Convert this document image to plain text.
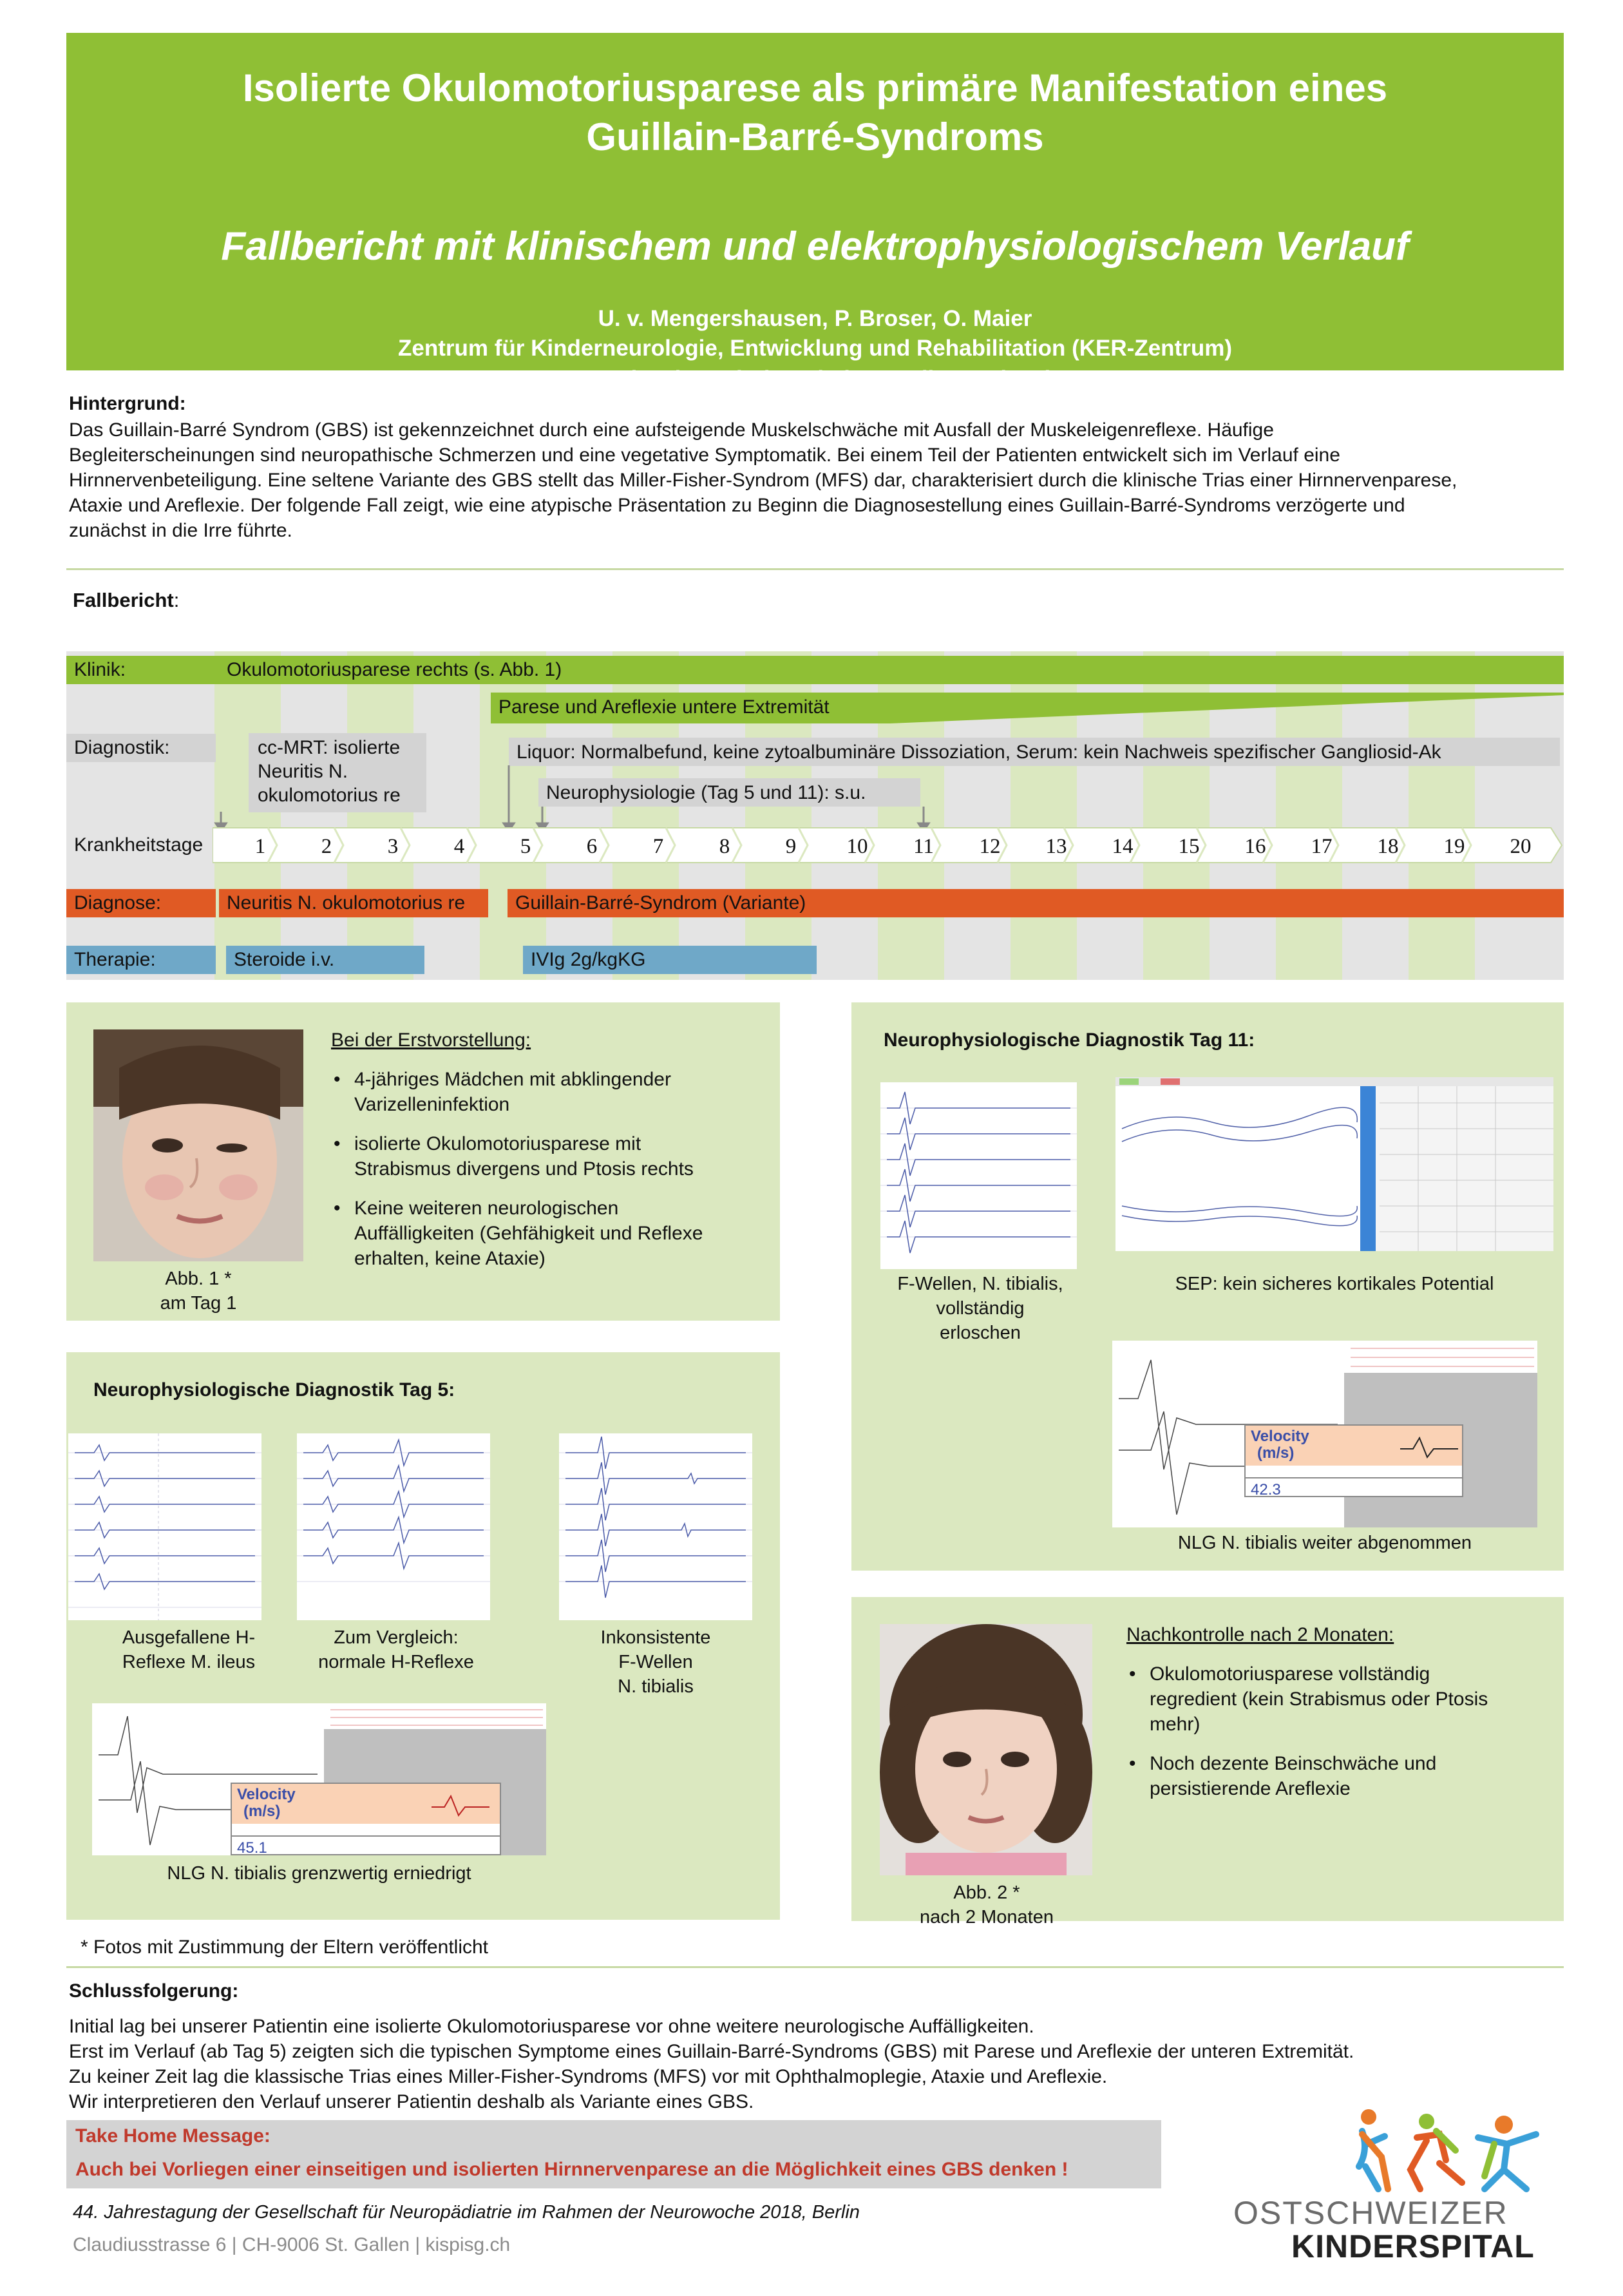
Isolierte Okulomotoriusparese als primäre Manifestation eines
Guillain-Barré-Syndroms
Fallbericht mit klinischem und elektrophysiologischem Verlauf
U. v. Mengershausen, P. Broser, O. Maier
Zentrum für Kinderneurologie, Entwicklung und Rehabilitation (KER-Zentrum)
Ostschweizer Kinderspital St. Gallen, Schweiz
Hintergrund:
Das Guillain-Barré Syndrom (GBS) ist gekennzeichnet durch eine aufsteigende Muskelschwäche mit Ausfall der Muskeleigenreflexe. Häufige
Begleiterscheinungen sind neuropathische Schmerzen und eine vegetative Symptomatik. Bei einem Teil der Patienten entwickelt sich im Verlauf eine
Hirnnervenbeteiligung. Eine seltene Variante des GBS stellt das Miller-Fisher-Syndrom (MFS) dar, charakterisiert durch die klinische Trias einer Hirnnervenparese,
Ataxie und Areflexie. Der folgende Fall zeigt, wie eine atypische Präsentation zu Beginn die Diagnosestellung eines Guillain-Barré-Syndroms verzögerte und
zunächst in die Irre führte.
Fallbericht:
Klinik:	Okulomotoriusparese rechts (s. Abb. 1)
Parese und Areflexie untere Extremität
Diagnostik:	cc-MRT: isolierte
Neuritis N.
okulomotorius re
Liquor: Normalbefund, keine zytoalbuminäre Dissoziation, Serum: kein Nachweis spezifischer Gangliosid-Ak
Neurophysiologie (Tag 5 und 11): s.u.
Krankheitstage	1	2	3	4	5	6	7	8	9	10	11	12	13	14	15	16	17	18	19	20
Diagnose:	Neuritis N. okulomotorius re	Guillain-Barré-Syndrom (Variante)
Therapie:	Steroide i.v.	IVIg 2g/kgKG
Abb. 1 *
am Tag 1
Bei der Erstvorstellung:
• 4-jähriges Mädchen mit abklingender
Varizelleninfektion
• isolierte Okulomotoriusparese mit
Strabismus divergens und Ptosis rechts
• Keine weiteren neurologischen
Auffälligkeiten (Gehfähigkeit und Reflexe
erhalten, keine Ataxie)
Neurophysiologische Diagnostik Tag 5:
Ausgefallene H-
Reflexe M. ileus
Zum Vergleich:
normale H-Reflexe
Inkonsistente
F-Wellen
N. tibialis
Velocity
(m/s)
45.1
NLG N. tibialis grenzwertig erniedrigt
Neurophysiologische Diagnostik Tag 11:
F-Wellen, N. tibialis,
vollständig
erloschen
SEP: kein sicheres kortikales Potential
Velocity
(m/s)
42.3
NLG N. tibialis weiter abgenommen
Abb. 2 *
nach 2 Monaten
Nachkontrolle nach 2 Monaten:
• Okulomotoriusparese vollständig
regredient (kein Strabismus oder Ptosis
mehr)
• Noch dezente Beinschwäche und
persistierende Areflexie
* Fotos mit Zustimmung der Eltern veröffentlicht
Schlussfolgerung:
Initial lag bei unserer Patientin eine isolierte Okulomotoriusparese vor ohne weitere neurologische Auffälligkeiten.
Erst im Verlauf (ab Tag 5) zeigten sich die typischen Symptome eines Guillain-Barré-Syndroms (GBS) mit Parese und Areflexie der unteren Extremität.
Zu keiner Zeit lag die klassische Trias eines Miller-Fisher-Syndroms (MFS) vor mit Ophthalmoplegie, Ataxie und Areflexie.
Wir interpretieren den Verlauf unserer Patientin deshalb als Variante eines GBS.
Take Home Message:
Auch bei Vorliegen einer einseitigen und isolierten Hirnnervenparese an die Möglichkeit eines GBS denken !
44. Jahrestagung der Gesellschaft für Neuropädiatrie im Rahmen der Neurowoche 2018, Berlin
Claudiusstrasse 6 | CH-9006 St. Gallen | kispisg.ch
OSTSCHWEIZER
KINDERSPITAL
